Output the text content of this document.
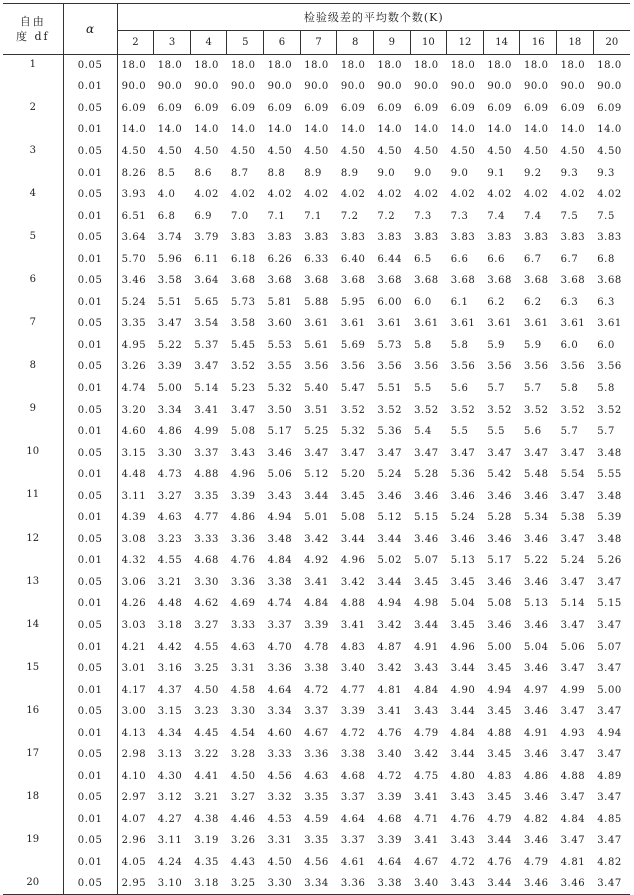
自由
度 df	α	检验级差的平均数个数(K)													
		2	3	4	5	6	7	8	9	10	12	14	16	18	20
1	0.05	18.0	18.0	18.0	18.0	18.0	18.0	18.0	18.0	18.0	18.0	18.0	18.0	18.0	18.0
	0.01	90.0	90.0	90.0	90.0	90.0	90.0	90.0	90.0	90.0	90.0	90.0	90.0	90.0	90.0
2	0.05	6.09	6.09	6.09	6.09	6.09	6.09	6.09	6.09	6.09	6.09	6.09	6.09	6.09	6.09
	0.01	14.0	14.0	14.0	14.0	14.0	14.0	14.0	14.0	14.0	14.0	14.0	14.0	14.0	14.0
3	0.05	4.50	4.50	4.50	4.50	4.50	4.50	4.50	4.50	4.50	4.50	4.50	4.50	4.50	4.50
	0.01	8.26	8.5	8.6	8.7	8.8	8.9	8.9	9.0	9.0	9.0	9.1	9.2	9.3	9.3
4	0.05	3.93	4.0	4.02	4.02	4.02	4.02	4.02	4.02	4.02	4.02	4.02	4.02	4.02	4.02
	0.01	6.51	6.8	6.9	7.0	7.1	7.1	7.2	7.2	7.3	7.3	7.4	7.4	7.5	7.5
5	0.05	3.64	3.74	3.79	3.83	3.83	3.83	3.83	3.83	3.83	3.83	3.83	3.83	3.83	3.83
	0.01	5.70	5.96	6.11	6.18	6.26	6.33	6.40	6.44	6.5	6.6	6.6	6.7	6.7	6.8
6	0.05	3.46	3.58	3.64	3.68	3.68	3.68	3.68	3.68	3.68	3.68	3.68	3.68	3.68	3.68
	0.01	5.24	5.51	5.65	5.73	5.81	5.88	5.95	6.00	6.0	6.1	6.2	6.2	6.3	6.3
7	0.05	3.35	3.47	3.54	3.58	3.60	3.61	3.61	3.61	3.61	3.61	3.61	3.61	3.61	3.61
	0.01	4.95	5.22	5.37	5.45	5.53	5.61	5.69	5.73	5.8	5.8	5.9	5.9	6.0	6.0
8	0.05	3.26	3.39	3.47	3.52	3.55	3.56	3.56	3.56	3.56	3.56	3.56	3.56	3.56	3.56
	0.01	4.74	5.00	5.14	5.23	5.32	5.40	5.47	5.51	5.5	5.6	5.7	5.7	5.8	5.8
9	0.05	3.20	3.34	3.41	3.47	3.50	3.51	3.52	3.52	3.52	3.52	3.52	3.52	3.52	3.52
	0.01	4.60	4.86	4.99	5.08	5.17	5.25	5.32	5.36	5.4	5.5	5.5	5.6	5.7	5.7
10	0.05	3.15	3.30	3.37	3.43	3.46	3.47	3.47	3.47	3.47	3.47	3.47	3.47	3.47	3.48
	0.01	4.48	4.73	4.88	4.96	5.06	5.12	5.20	5.24	5.28	5.36	5.42	5.48	5.54	5.55
11	0.05	3.11	3.27	3.35	3.39	3.43	3.44	3.45	3.46	3.46	3.46	3.46	3.46	3.47	3.48
	0.01	4.39	4.63	4.77	4.86	4.94	5.01	5.08	5.12	5.15	5.24	5.28	5.34	5.38	5.39
12	0.05	3.08	3.23	3.33	3.36	3.48	3.42	3.44	3.44	3.46	3.46	3.46	3.46	3.47	3.48
	0.01	4.32	4.55	4.68	4.76	4.84	4.92	4.96	5.02	5.07	5.13	5.17	5.22	5.24	5.26
13	0.05	3.06	3.21	3.30	3.36	3.38	3.41	3.42	3.44	3.45	3.45	3.46	3.46	3.47	3.47
	0.01	4.26	4.48	4.62	4.69	4.74	4.84	4.88	4.94	4.98	5.04	5.08	5.13	5.14	5.15
14	0.05	3.03	3.18	3.27	3.33	3.37	3.39	3.41	3.42	3.44	3.45	3.46	3.46	3.47	3.47
	0.01	4.21	4.42	4.55	4.63	4.70	4.78	4.83	4.87	4.91	4.96	5.00	5.04	5.06	5.07
15	0.05	3.01	3.16	3.25	3.31	3.36	3.38	3.40	3.42	3.43	3.44	3.45	3.46	3.47	3.47
	0.01	4.17	4.37	4.50	4.58	4.64	4.72	4.77	4.81	4.84	4.90	4.94	4.97	4.99	5.00
16	0.05	3.00	3.15	3.23	3.30	3.34	3.37	3.39	3.41	3.43	3.44	3.45	3.46	3.47	3.47
	0.01	4.13	4.34	4.45	4.54	4.60	4.67	4.72	4.76	4.79	4.84	4.88	4.91	4.93	4.94
17	0.05	2.98	3.13	3.22	3.28	3.33	3.36	3.38	3.40	3.42	3.44	3.45	3.46	3.47	3.47
	0.01	4.10	4.30	4.41	4.50	4.56	4.63	4.68	4.72	4.75	4.80	4.83	4.86	4.88	4.89
18	0.05	2.97	3.12	3.21	3.27	3.32	3.35	3.37	3.39	3.41	3.43	3.45	3.46	3.47	3.47
	0.01	4.07	4.27	4.38	4.46	4.53	4.59	4.64	4.68	4.71	4.76	4.79	4.82	4.84	4.85
19	0.05	2.96	3.11	3.19	3.26	3.31	3.35	3.37	3.39	3.41	3.43	3.44	3.46	3.47	3.47
	0.01	4.05	4.24	4.35	4.43	4.50	4.56	4.61	4.64	4.67	4.72	4.76	4.79	4.81	4.82
20	0.05	2.95	3.10	3.18	3.25	3.30	3.34	3.36	3.38	3.40	3.43	3.44	3.46	3.46	3.47
